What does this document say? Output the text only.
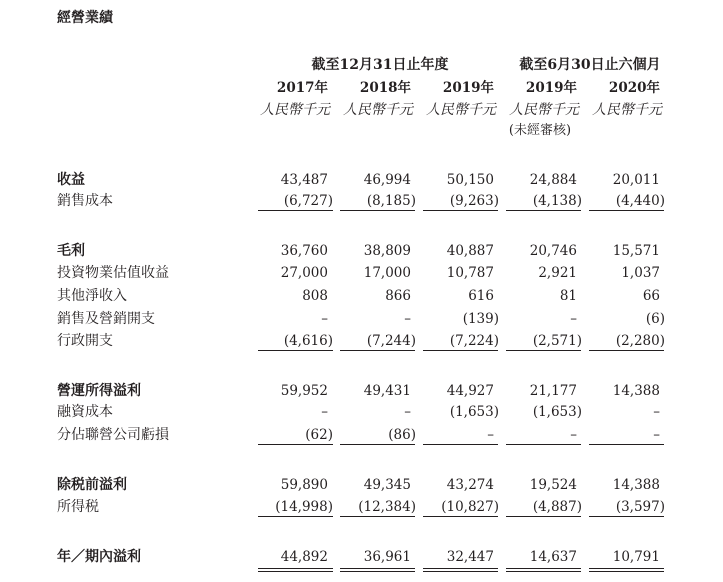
經營業績
截至12月31日止年度	截至6月30日止六個月
2017年	2018年	2019年	2019年	2020年
人民幣千元 人民幣千元 人民幣千元 人民幣千元 人民幣千元
(未經審核)
收益	43,487	46,994	50,150	24,884	20,011
銷售成本	(6,727)	(8,185)	(9,263)	(4,138)	(4,440)
毛利	36,760	38,809	40,887	20,746	15,571
投資物業估值收益	27,000	17,000	10,787	2,921	1,037
其他淨收入	808	866	616	81	66
銷售及營銷開支	–	–	(139)	–	(6)
行政開支	(4,616)	(7,244)	(7,224)	(2,571)	(2,280)
營運所得溢利	59,952	49,431	44,927	21,177	14,388
融資成本	–	–	(1,653)	(1,653)	–
分佔聯營公司虧損	(62)	(86)	–	–	–
除税前溢利	59,890	49,345	43,274	19,524	14,388
所得税	(14,998)	(12,384)	(10,827)	(4,887)	(3,597)
年／期內溢利	44,892	36,961	32,447	14,637	10,791
